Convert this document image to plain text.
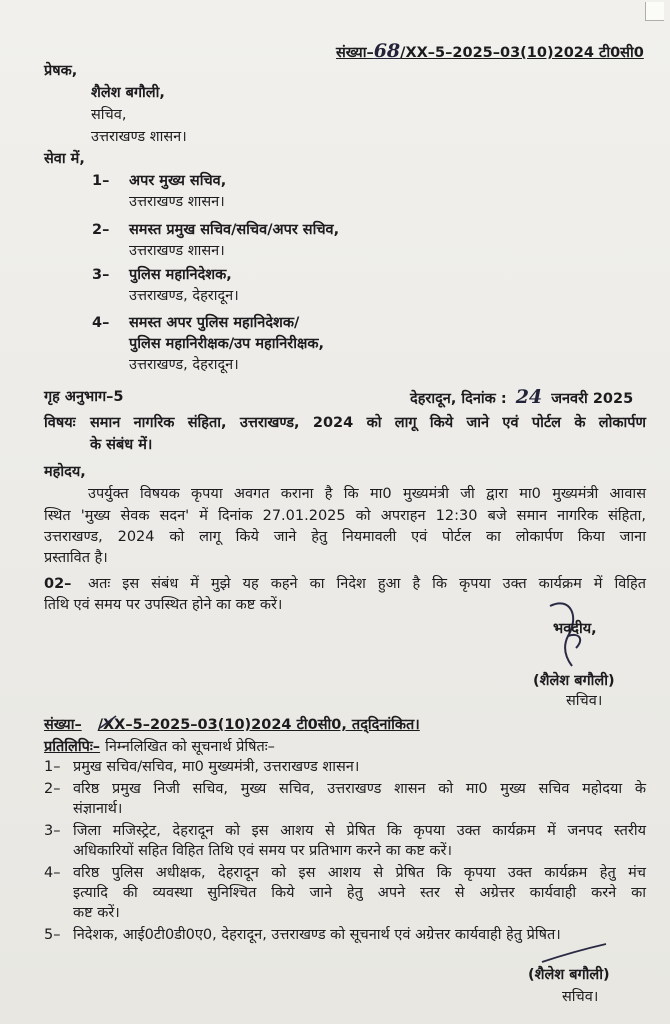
संख्या–68/XX–5–2025–03(10)2024 टी0सी0
प्रेषक,
शैलेश बगौली,
सचिव,
उत्तराखण्ड शासन।
सेवा में,
1– अपर मुख्य सचिव,
उत्तराखण्ड शासन।
2– समस्त प्रमुख सचिव/सचिव/अपर सचिव,
उत्तराखण्ड शासन।
3– पुलिस महानिदेशक,
उत्तराखण्ड, देहरादून।
4– समस्त अपर पुलिस महानिदेशक/
पुलिस महानिरीक्षक/उप महानिरीक्षक,
उत्तराखण्ड, देहरादून।
गृह अनुभाग–5	देहरादून, दिनांक : 24 जनवरी 2025
विषयः समान नागरिक संहिता, उत्तराखण्ड, 2024 को लागू किये जाने एवं पोर्टल के लोकार्पण
के संबंध में।
महोदय,
उपर्युक्त विषयक कृपया अवगत कराना है कि मा0 मुख्यमंत्री जी द्वारा मा0 मुख्यमंत्री आवास
स्थित 'मुख्य सेवक सदन' में दिनांक 27.01.2025 को अपराहन 12:30 बजे समान नागरिक संहिता,
उत्तराखण्ड, 2024 को लागू किये जाने हेतु नियमावली एवं पोर्टल का लोकार्पण किया जाना
प्रस्तावित है।
02– अतः इस संबंध में मुझे यह कहने का निदेश हुआ है कि कृपया उक्त कार्यक्रम में विहित
तिथि एवं समय पर उपस्थित होने का कष्ट करें।
भवदीय,
(शैलेश बगौली)
सचिव।
संख्या– /XX–5–2025–03(10)2024 टी0सी0, तद्‌दिनांकित।
प्रतिलिपिः– निम्नलिखित को सूचनार्थ प्रेषितः–
1– प्रमुख सचिव/सचिव, मा0 मुख्यमंत्री, उत्तराखण्ड शासन।
2– वरिष्ठ प्रमुख निजी सचिव, मुख्य सचिव, उत्तराखण्ड शासन को मा0 मुख्य सचिव महोदया के
संज्ञानार्थ।
3– जिला मजिस्ट्रेट, देहरादून को इस आशय से प्रेषित कि कृपया उक्त कार्यक्रम में जनपद स्तरीय
अधिकारियों सहित विहित तिथि एवं समय पर प्रतिभाग करने का कष्ट करें।
4– वरिष्ठ पुलिस अधीक्षक, देहरादून को इस आशय से प्रेषित कि कृपया उक्त कार्यक्रम हेतु मंच
इत्यादि की व्यवस्था सुनिश्चित किये जाने हेतु अपने स्तर से अग्रेत्तर कार्यवाही करने का
कष्ट करें।
5– निदेशक, आई0टी0डी0ए0, देहरादून, उत्तराखण्ड को सूचनार्थ एवं अग्रेत्तर कार्यवाही हेतु प्रेषित।
(शैलेश बगौली)
सचिव।
